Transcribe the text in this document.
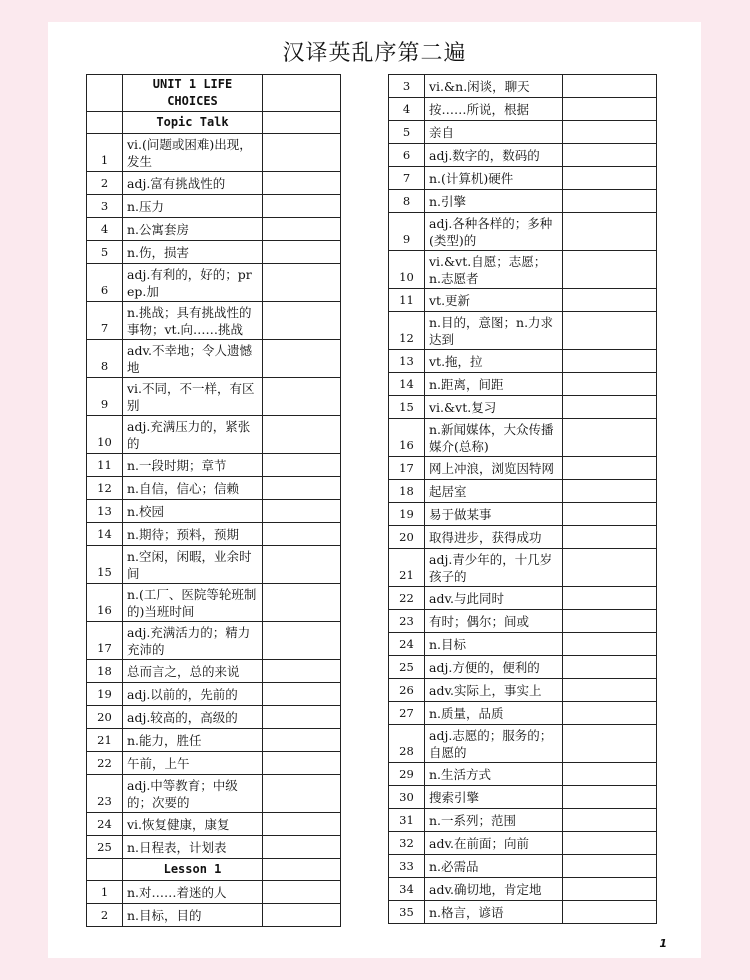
汉译英乱序第二遍
	UNIT 1 LIFE CHOICES	
	Topic Talk	
1	vi.(问题或困难)出现，发生	
2	adj.富有挑战性的	
3	n.压力	
4	n.公寓套房	
5	n.伤，损害	
6	adj.有利的，好的；prep.加	
7	n.挑战；具有挑战性的事物；vt.向……挑战	
8	adv.不幸地；令人遗憾地	
9	vi.不同，不一样，有区别	
10	adj.充满压力的，紧张的	
11	n.一段时期；章节	
12	n.自信，信心；信赖	
13	n.校园	
14	n.期待；预料，预期	
15	n.空闲，闲暇，业余时间	
16	n.(工厂、医院等轮班制的)当班时间	
17	adj.充满活力的；精力充沛的	
18	总而言之，总的来说	
19	adj.以前的，先前的	
20	adj.较高的，高级的	
21	n.能力，胜任	
22	午前，上午	
23	adj.中等教育；中级的；次要的	
24	vi.恢复健康，康复	
25	n.日程表，计划表	
	Lesson 1	
1	n.对……着迷的人	
2	n.目标，目的	
3	vi.&n.闲谈，聊天	
4	按……所说，根据	
5	亲自	
6	adj.数字的，数码的	
7	n.(计算机)硬件	
8	n.引擎	
9	adj.各种各样的；多种(类型)的	
10	vi.&vt.自愿；志愿；n.志愿者	
11	vt.更新	
12	n.目的，意图；n.力求达到	
13	vt.拖，拉	
14	n.距离，间距	
15	vi.&vt.复习	
16	n.新闻媒体，大众传播媒介(总称)	
17	网上冲浪，浏览因特网	
18	起居室	
19	易于做某事	
20	取得进步，获得成功	
21	adj.青少年的，十几岁孩子的	
22	adv.与此同时	
23	有时；偶尔；间或	
24	n.目标	
25	adj.方便的，便利的	
26	adv.实际上，事实上	
27	n.质量，品质	
28	adj.志愿的；服务的；自愿的	
29	n.生活方式	
30	搜索引擎	
31	n.一系列；范围	
32	adv.在前面；向前	
33	n.必需品	
34	adv.确切地，肯定地	
35	n.格言，谚语	
1
